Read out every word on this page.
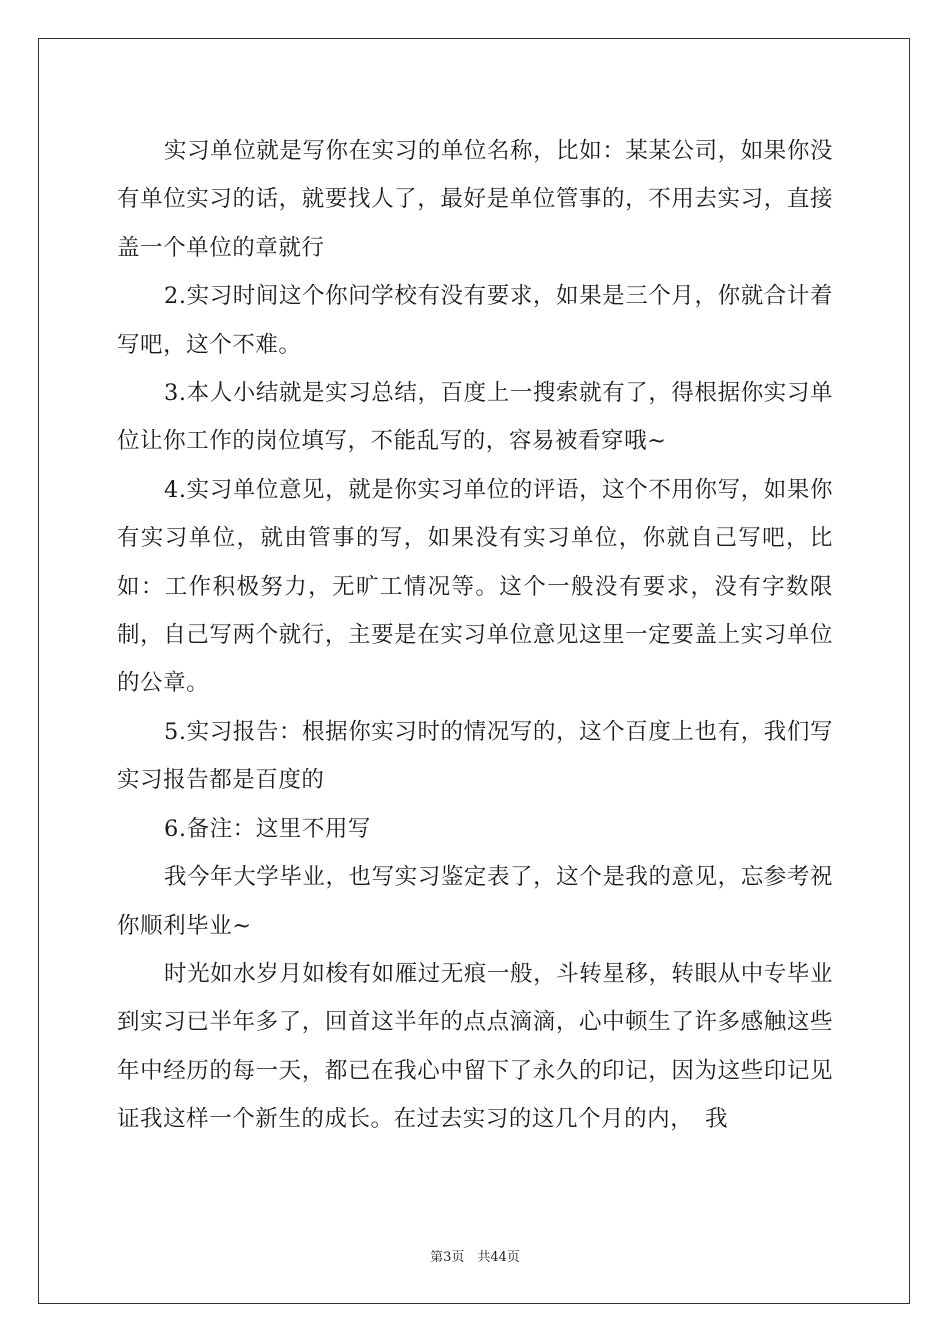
实习单位就是写你在实习的单位名称，比如：某某公司，如果你没有单位实习的话，就要找人了，最好是单位管事的，不用去实习，直接盖一个单位的章就行

2.实习时间这个你问学校有没有要求，如果是三个月，你就合计着写吧，这个不难。

3.本人小结就是实习总结，百度上一搜索就有了，得根据你实习单位让你工作的岗位填写，不能乱写的，容易被看穿哦~

4.实习单位意见，就是你实习单位的评语，这个不用你写，如果你有实习单位，就由管事的写，如果没有实习单位，你就自己写吧，比如：工作积极努力，无旷工情况等。这个一般没有要求，没有字数限制，自己写两个就行，主要是在实习单位意见这里一定要盖上实习单位的公章。

5.实习报告：根据你实习时的情况写的，这个百度上也有，我们写实习报告都是百度的

6.备注：这里不用写

我今年大学毕业，也写实习鉴定表了，这个是我的意见，忘参考祝你顺利毕业~

时光如水岁月如梭有如雁过无痕一般，斗转星移，转眼从中专毕业到实习已半年多了，回首这半年的点点滴滴，心中顿生了许多感触这些年中经历的每一天，都已在我心中留下了永久的印记，因为这些印记见证我这样一个新生的成长。在过去实习的这几个月的内，　我

第3页　共44页
